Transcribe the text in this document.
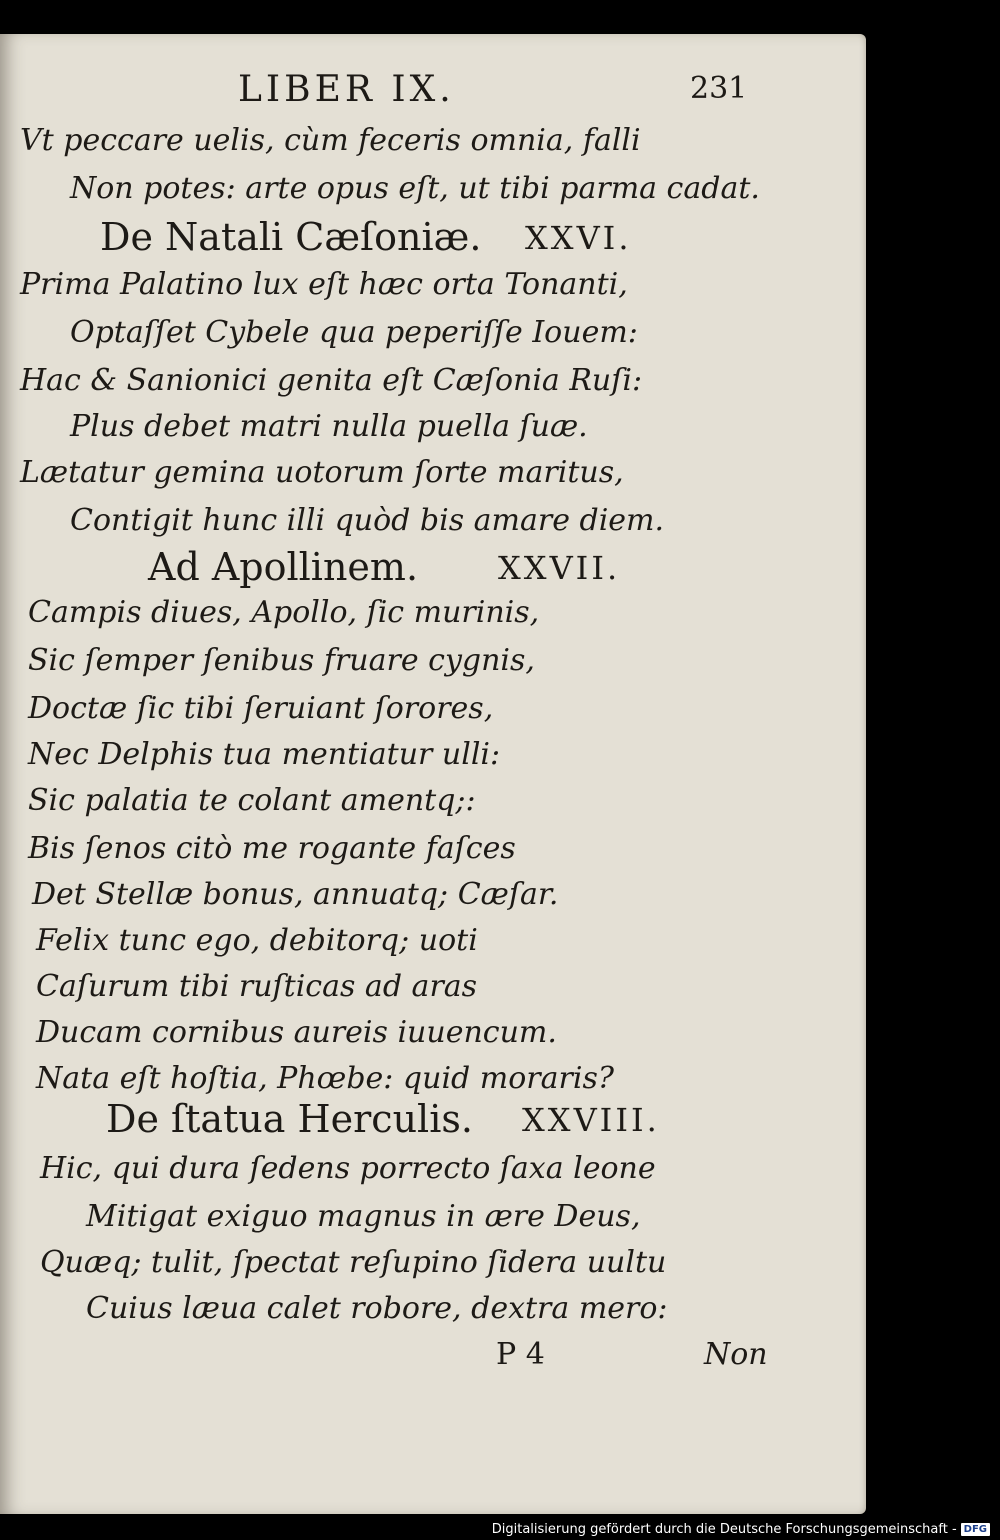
LIBER IX.	231
Vt peccare uelis, cùm feceris omnia, falli
Non potes: arte opus eſt, ut tibi parma cadat.
De Natali Cæſoniæ. XXVI.
Prima Palatino lux eſt hæc orta Tonanti,
Optaſſet Cybele qua peperiſſe Iouem:
Hac & Sanionici genita eſt Cæſonia Ruſi:
Plus debet matri nulla puella ſuæ.
Lætatur gemina uotorum ſorte maritus,
Contigit hunc illi quòd bis amare diem.
Ad Apollinem. XXVII.
Campis diues, Apollo, ſic murinis,
Sic ſemper ſenibus fruare cygnis,
Doctæ ſic tibi ſeruiant ſorores,
Nec Delphis tua mentiatur ulli:
Sic palatia te colant amentq;:
Bis ſenos citò me rogante faſces
Det Stellæ bonus, annuatq; Cæſar.
Felix tunc ego, debitorq; uoti
Caſurum tibi ruſticas ad aras
Ducam cornibus aureis iuuencum.
Nata eſt hoſtia, Phœbe: quid moraris?
De ſtatua Herculis. XXVIII.
Hic, qui dura ſedens porrecto ſaxa leone
Mitigat exiguo magnus in ære Deus,
Quæq; tulit, ſpectat reſupino ſidera uultu
Cuius læua calet robore, dextra mero:
P 4	Non
Digitalisierung gefördert durch die Deutsche Forschungsgemeinschaft - DFG
